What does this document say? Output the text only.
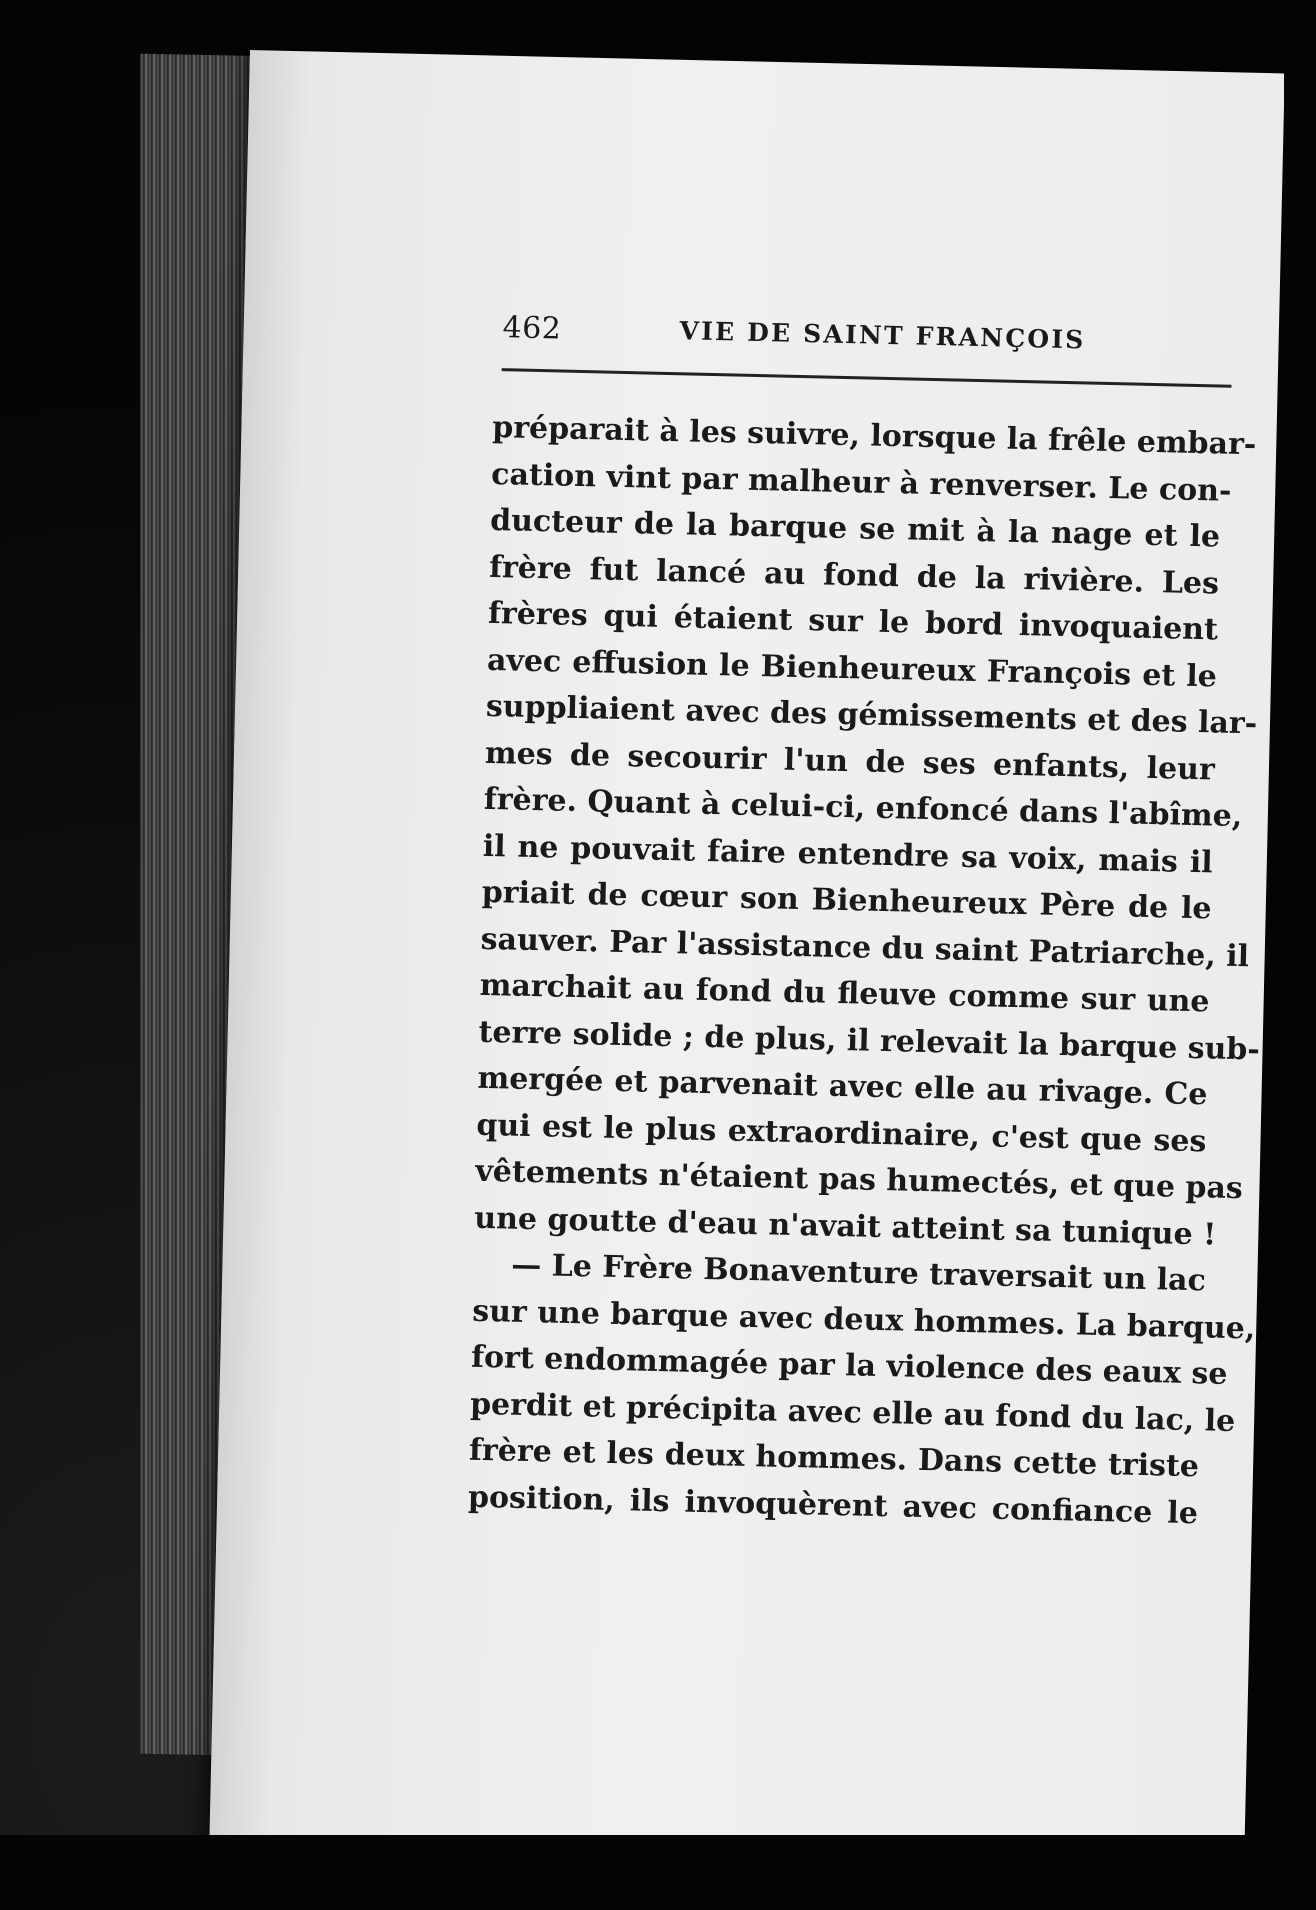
462	VIE DE SAINT FRANÇOIS

préparait à les suivre, lorsque la frêle embar-
cation vint par malheur à renverser. Le con-
ducteur de la barque se mit à la nage et le
frère fut lancé au fond de la rivière. Les
frères qui étaient sur le bord invoquaient
avec effusion le Bienheureux François et le
suppliaient avec des gémissements et des lar-
mes de secourir l'un de ses enfants, leur
frère. Quant à celui-ci, enfoncé dans l'abîme,
il ne pouvait faire entendre sa voix, mais il
priait de cœur son Bienheureux Père de le
sauver. Par l'assistance du saint Patriarche, il
marchait au fond du fleuve comme sur une
terre solide ; de plus, il relevait la barque sub-
mergée et parvenait avec elle au rivage. Ce
qui est le plus extraordinaire, c'est que ses
vêtements n'étaient pas humectés, et que pas
une goutte d'eau n'avait atteint sa tunique !

— Le Frère Bonaventure traversait un lac
sur une barque avec deux hommes. La barque,
fort endommagée par la violence des eaux se
perdit et précipita avec elle au fond du lac, le
frère et les deux hommes. Dans cette triste
position, ils invoquèrent avec confiance le
